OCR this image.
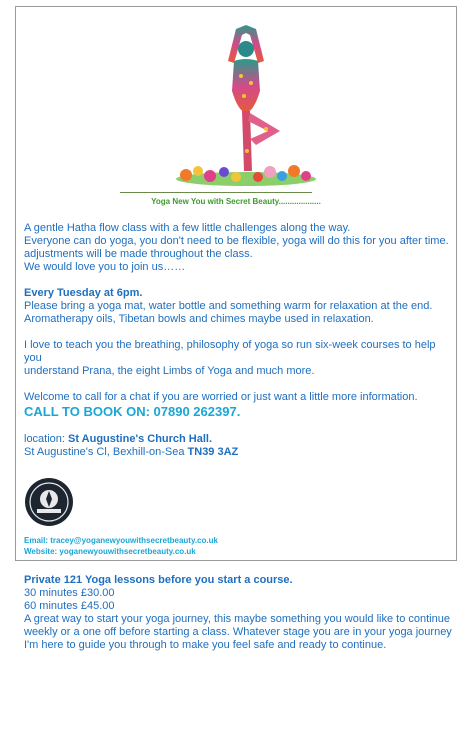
Yoga New You with Secret Beauty...................

A gentle Hatha flow class with a few little challenges along the way.

Everyone can do yoga, you don't need to be flexible, yoga will do this for you after time.

adjustments will be made throughout the class.

We would love you to join us……

Every Tuesday at 6pm.

Please bring a yoga mat, water bottle and something warm for relaxation at the end.

Aromatherapy oils, Tibetan bowls and chimes maybe used in relaxation.

I love to teach you the breathing, philosophy of yoga so run six-week courses to help you

understand Prana, the eight Limbs of Yoga and much more.

Welcome to call for a chat if you are worried or just want a little more information.

CALL TO BOOK ON: 07890 262397.

location: St Augustine's Church Hall.

St Augustine's Cl, Bexhill-on-Sea TN39 3AZ

Email: tracey@yoganewyouwithsecretbeauty.co.uk
Website: yoganewyouwithsecretbeauty.co.uk

Private 121 Yoga lessons before you start a course.

30 minutes £30.00

60 minutes £45.00

A great way to start your yoga journey, this maybe something you would like to continue

weekly or a one off before starting a class. Whatever stage you are in your yoga journey

I'm here to guide you through to make you feel safe and ready to continue.
